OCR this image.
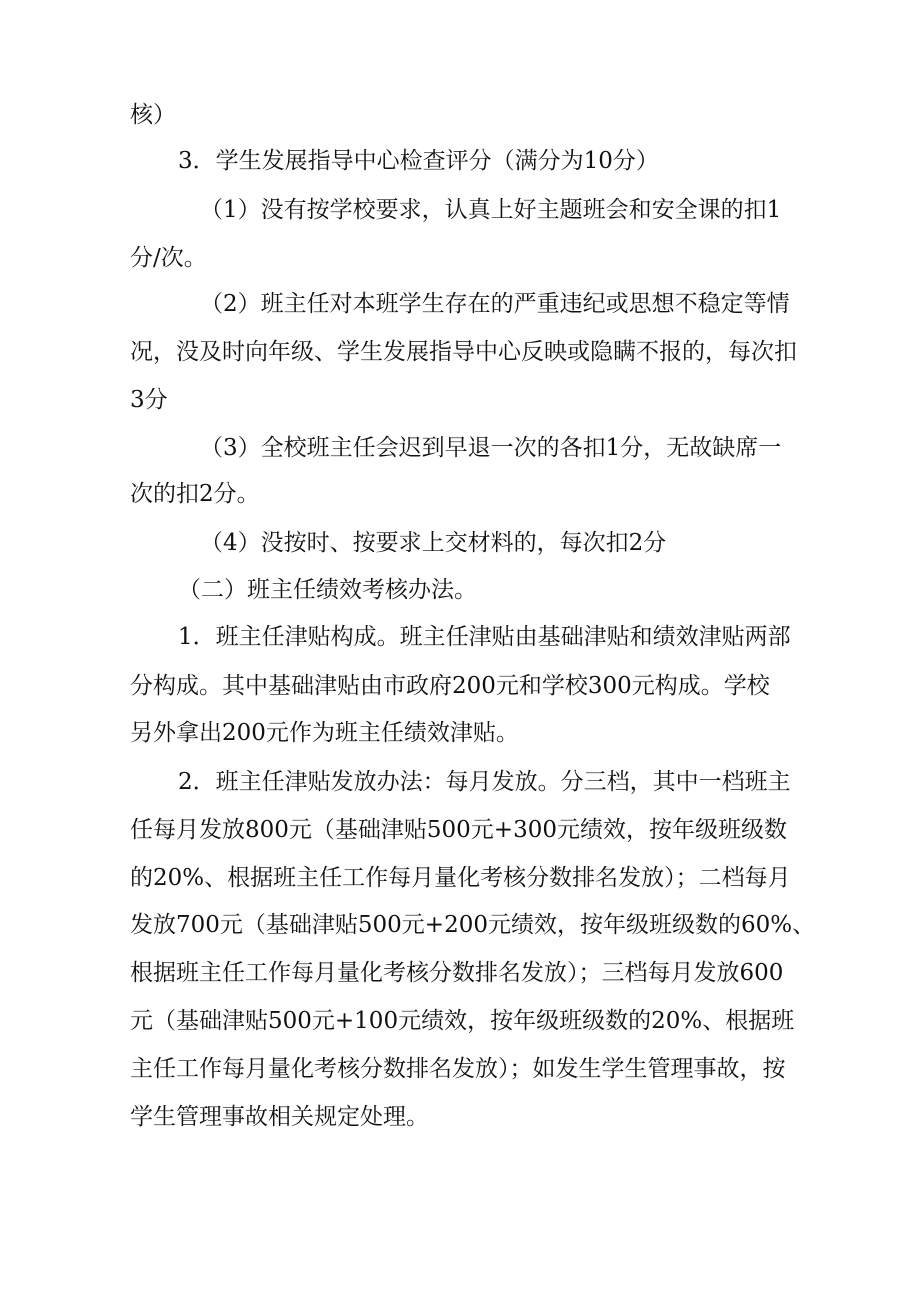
核）
3．学生发展指导中心检查评分（满分为10分）
（1）没有按学校要求，认真上好主题班会和安全课的扣1
分/次。
（2）班主任对本班学生存在的严重违纪或思想不稳定等情
况，没及时向年级、学生发展指导中心反映或隐瞒不报的，每次扣
3分
（3）全校班主任会迟到早退一次的各扣1分，无故缺席一
次的扣2分。
（4）没按时、按要求上交材料的，每次扣2分
（二）班主任绩效考核办法。
1．班主任津贴构成。班主任津贴由基础津贴和绩效津贴两部
分构成。其中基础津贴由市政府200元和学校300元构成。学校
另外拿出200元作为班主任绩效津贴。
2．班主任津贴发放办法：每月发放。分三档，其中一档班主
任每月发放800元（基础津贴500元+300元绩效，按年级班级数
的20%、根据班主任工作每月量化考核分数排名发放）；二档每月
发放700元（基础津贴500元+200元绩效，按年级班级数的60%、
根据班主任工作每月量化考核分数排名发放）；三档每月发放600
元（基础津贴500元+100元绩效，按年级班级数的20%、根据班
主任工作每月量化考核分数排名发放）；如发生学生管理事故，按
学生管理事故相关规定处理。
